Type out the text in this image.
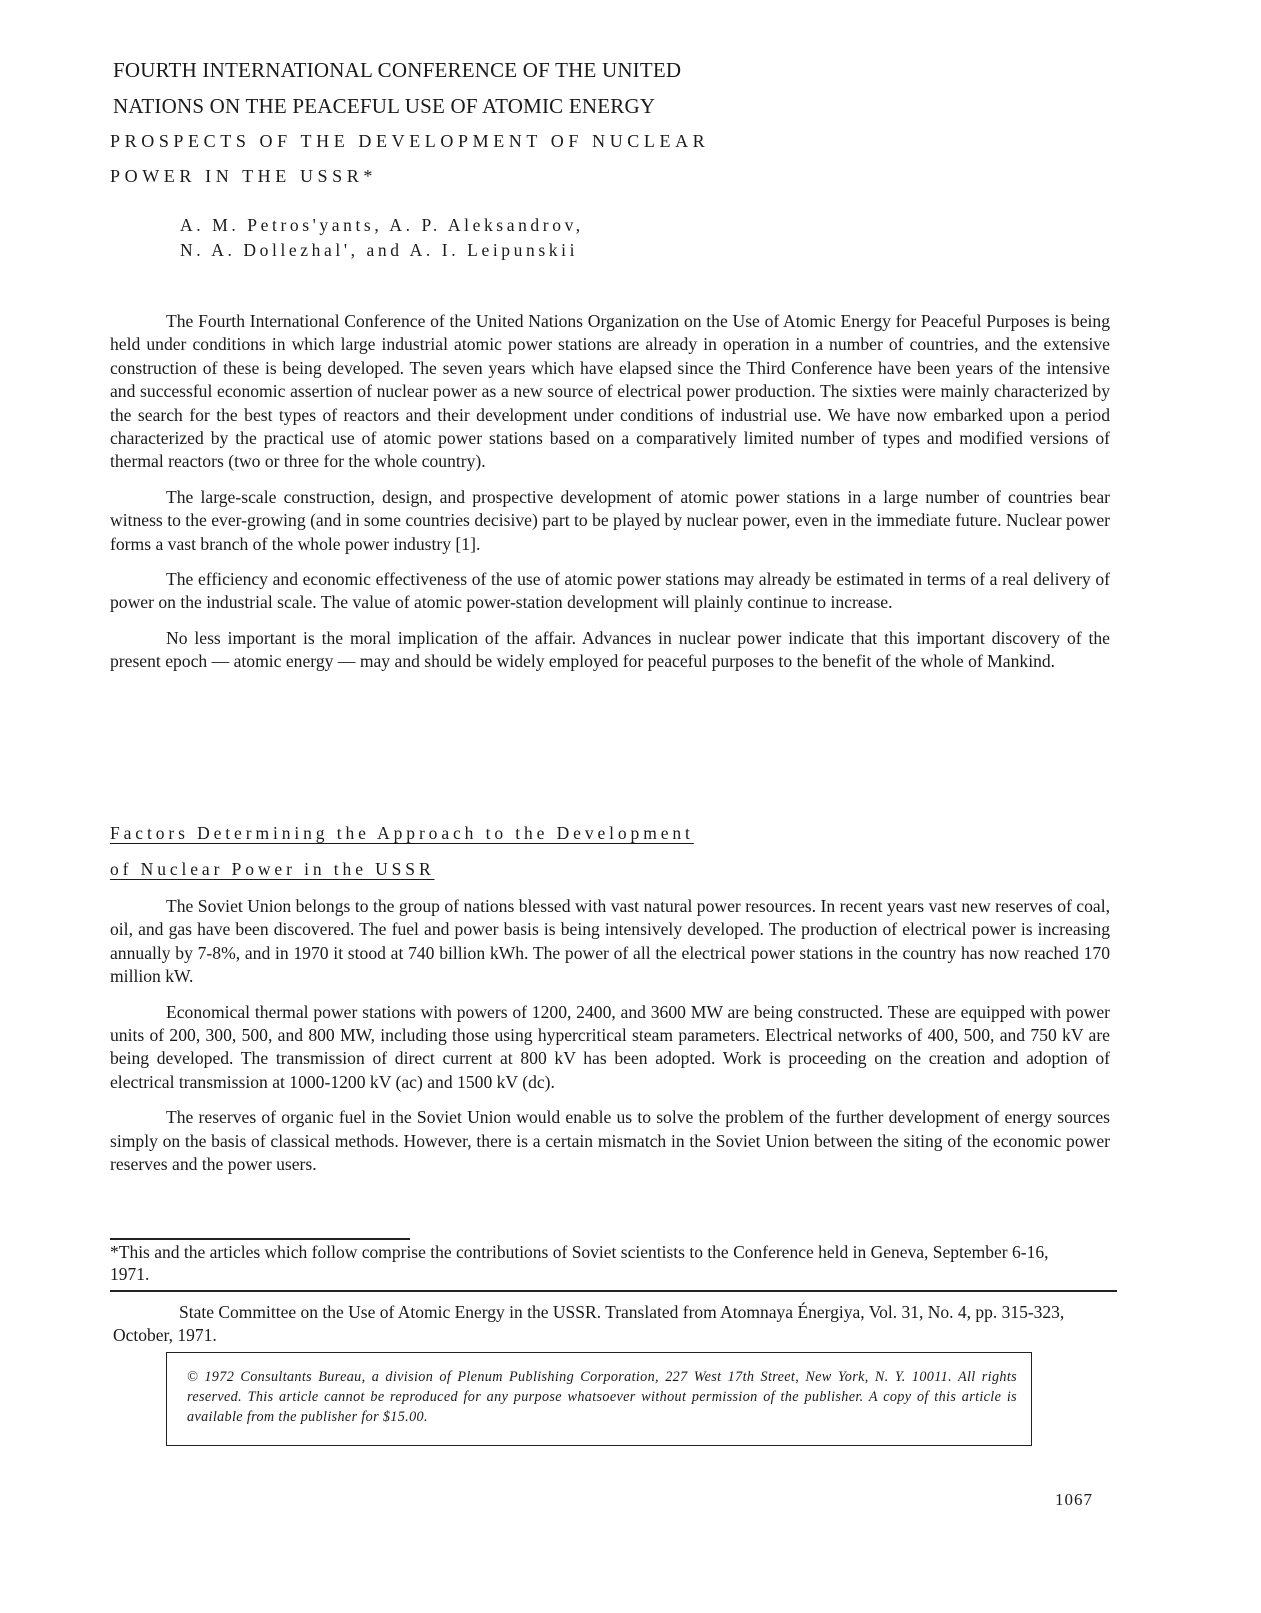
FOURTH INTERNATIONAL CONFERENCE OF THE UNITED
NATIONS ON THE PEACEFUL USE OF ATOMIC ENERGY
PROSPECTS OF THE DEVELOPMENT OF NUCLEAR
POWER IN THE USSR*
A. M. Petros'yants, A. P. Aleksandrov,
N. A. Dollezhal', and A. I. Leipunskii

The Fourth International Conference of the United Nations Organization on the Use of Atomic Energy for Peaceful Purposes is being held under conditions in which large industrial atomic power stations are already in operation in a number of countries, and the extensive construction of these is being developed. The seven years which have elapsed since the Third Conference have been years of the intensive and successful economic assertion of nuclear power as a new source of electrical power production. The sixties were mainly characterized by the search for the best types of reactors and their development under conditions of industrial use. We have now embarked upon a period characterized by the practical use of atomic power stations based on a comparatively limited number of types and modified versions of thermal reactors (two or three for the whole country).

The large-scale construction, design, and prospective development of atomic power stations in a large number of countries bear witness to the ever-growing (and in some countries decisive) part to be played by nuclear power, even in the immediate future. Nuclear power forms a vast branch of the whole power industry [1].

The efficiency and economic effectiveness of the use of atomic power stations may already be estimated in terms of a real delivery of power on the industrial scale. The value of atomic power-station development will plainly continue to increase.

No less important is the moral implication of the affair. Advances in nuclear power indicate that this important discovery of the present epoch — atomic energy — may and should be widely employed for peaceful purposes to the benefit of the whole of Mankind.

Factors Determining the Approach to the Development
of Nuclear Power in the USSR

The Soviet Union belongs to the group of nations blessed with vast natural power resources. In recent years vast new reserves of coal, oil, and gas have been discovered. The fuel and power basis is being intensively developed. The production of electrical power is increasing annually by 7-8%, and in 1970 it stood at 740 billion kWh. The power of all the electrical power stations in the country has now reached 170 million kW.

Economical thermal power stations with powers of 1200, 2400, and 3600 MW are being constructed. These are equipped with power units of 200, 300, 500, and 800 MW, including those using hypercritical steam parameters. Electrical networks of 400, 500, and 750 kV are being developed. The transmission of direct current at 800 kV has been adopted. Work is proceeding on the creation and adoption of electrical transmission at 1000-1200 kV (ac) and 1500 kV (dc).

The reserves of organic fuel in the Soviet Union would enable us to solve the problem of the further development of energy sources simply on the basis of classical methods. However, there is a certain mismatch in the Soviet Union between the siting of the economic power reserves and the power users.

*This and the articles which follow comprise the contributions of Soviet scientists to the Conference held in Geneva, September 6-16, 1971.

State Committee on the Use of Atomic Energy in the USSR. Translated from Atomnaya Énergiya, Vol. 31, No. 4, pp. 315-323, October, 1971.

© 1972 Consultants Bureau, a division of Plenum Publishing Corporation, 227 West 17th Street, New York, N. Y. 10011. All rights reserved. This article cannot be reproduced for any purpose whatsoever without permission of the publisher. A copy of this article is available from the publisher for $15.00.
1067
